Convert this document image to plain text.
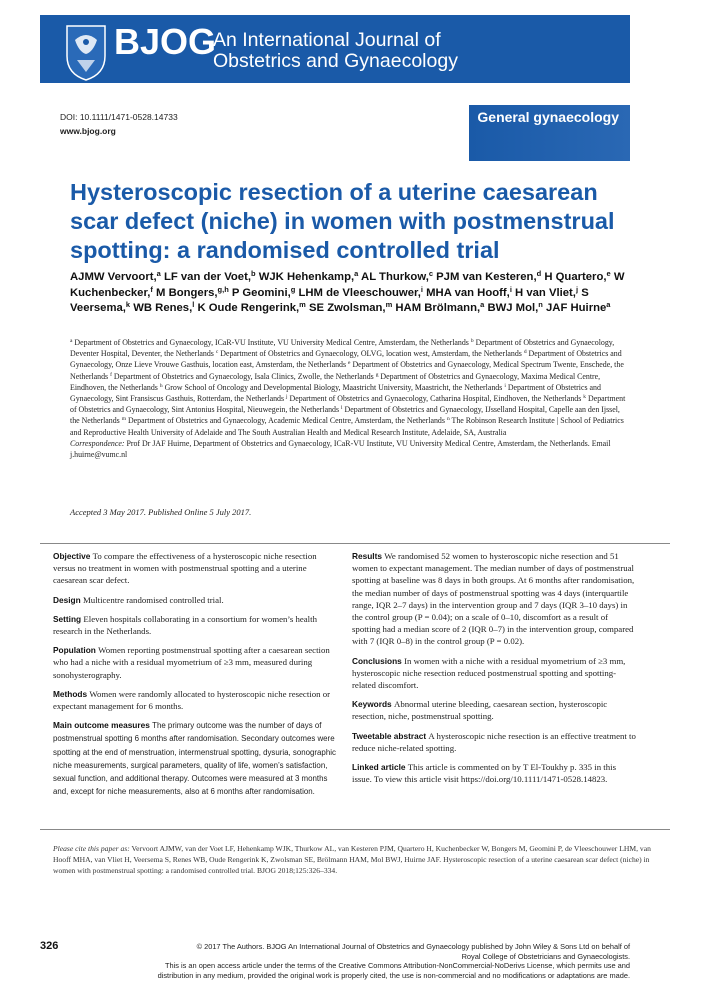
BJOG
An International Journal of
Obstetrics and Gynaecology
DOI: 10.1111/1471-0528.14733
www.bjog.org
General gynaecology
Hysteroscopic resection of a uterine caesarean scar defect (niche) in women with postmenstrual spotting: a randomised controlled trial
AJMW Vervoort,$^a$ LF van der Voet,$^b$ WJK Hehenkamp,$^a$ AL Thurkow,$^c$ PJM van Kesteren,$^d$ H Quartero,$^e$ W Kuchenbecker,$^f$ M Bongers,$^{g,h}$ P Geomini,$^g$ LHM de Vleeschouwer,$^i$ MHA van Hooff,$^i$ H van Vliet,$^j$ S Veersema,$^k$ WB Renes,$^l$ K Oude Rengerink,$^m$ SE Zwolsman,$^m$ HAM Brölmann,$^a$ BWJ Mol,$^n$ JAF Huirne$^a$
$^a$ Department of Obstetrics and Gynaecology, ICaR-VU Institute, VU University Medical Centre, Amsterdam, the Netherlands $^b$ Department of Obstetrics and Gynaecology, Deventer Hospital, Deventer, the Netherlands $^c$ Department of Obstetrics and Gynaecology, OLVG, location west, Amsterdam, the Netherlands $^d$ Department of Obstetrics and Gynaecology, Onze Lieve Vrouwe Gasthuis, location east, Amsterdam, the Netherlands $^e$ Department of Obstetrics and Gynaecology, Medical Spectrum Twente, Enschede, the Netherlands $^f$ Department of Obstetrics and Gynaecology, Isala Clinics, Zwolle, the Netherlands $^g$ Department of Obstetrics and Gynaecology, Maxima Medical Centre, Eindhoven, the Netherlands $^h$ Grow School of Oncology and Developmental Biology, Maastricht University, Maastricht, the Netherlands $^i$ Department of Obstetrics and Gynaecology, Sint Fransiscus Gasthuis, Rotterdam, the Netherlands $^j$ Department of Obstetrics and Gynaecology, Catharina Hospital, Eindhoven, the Netherlands $^k$ Department of Obstetrics and Gynaecology, Sint Antonius Hospital, Nieuwegein, the Netherlands $^l$ Department of Obstetrics and Gynaecology, IJsselland Hospital, Capelle aan den Ijssel, the Netherlands $^m$ Department of Obstetrics and Gynaecology, Academic Medical Centre, Amsterdam, the Netherlands $^n$ The Robinson Research Institute | School of Pediatrics and Reproductive Health University of Adelaide and The South Australian Health and Medical Research Institute, Adelaide, SA, Australia
Correspondence: Prof Dr JAF Huirne, Department of Obstetrics and Gynaecology, ICaR-VU Institute, VU University Medical Centre, Amsterdam, the Netherlands. Email j.huirne@vumc.nl
Accepted 3 May 2017. Published Online 5 July 2017.
Objective To compare the effectiveness of a hysteroscopic niche resection versus no treatment in women with postmenstrual spotting and a uterine caesarean scar defect.
Design Multicentre randomised controlled trial.
Setting Eleven hospitals collaborating in a consortium for women’s health research in the Netherlands.
Population Women reporting postmenstrual spotting after a caesarean section who had a niche with a residual myometrium of ≥3 mm, measured during sonohysterography.
Methods Women were randomly allocated to hysteroscopic niche resection or expectant management for 6 months.
Main outcome measures The primary outcome was the number of days of postmenstrual spotting 6 months after randomisation. Secondary outcomes were spotting at the end of menstruation, intermenstrual spotting, dysuria, sonographic niche measurements, surgical parameters, quality of life, women’s satisfaction, sexual function, and additional therapy. Outcomes were measured at 3 months and, except for niche measurements, also at 6 months after randomisation.
Results We randomised 52 women to hysteroscopic niche resection and 51 women to expectant management. The median number of days of postmenstrual spotting at baseline was 8 days in both groups. At 6 months after randomisation, the median number of days of postmenstrual spotting was 4 days (interquartile range, IQR 2–7 days) in the intervention group and 7 days (IQR 3–10 days) in the control group (P = 0.04); on a scale of 0–10, discomfort as a result of spotting had a median score of 2 (IQR 0–7) in the intervention group, compared with 7 (IQR 0–8) in the control group (P = 0.02).
Conclusions In women with a niche with a residual myometrium of ≥3 mm, hysteroscopic niche resection reduced postmenstrual spotting and spotting-related discomfort.
Keywords Abnormal uterine bleeding, caesarean section, hysteroscopic resection, niche, postmenstrual spotting.
Tweetable abstract A hysteroscopic niche resection is an effective treatment to reduce niche-related spotting.
Linked article This article is commented on by T El-Toukhy p. 335 in this issue. To view this article visit https://doi.org/10.1111/1471-0528.14823.
Please cite this paper as: Vervoort AJMW, van der Voet LF, Hehenkamp WJK, Thurkow AL, van Kesteren PJM, Quartero H, Kuchenbecker W, Bongers M, Geomini P, de Vleeschouwer LHM, van Hooff MHA, van Vliet H, Veersema S, Renes WB, Oude Rengerink K, Zwolsman SE, Brölmann HAM, Mol BWJ, Huirne JAF. Hysteroscopic resection of a uterine caesarean scar defect (niche) in women with postmenstrual spotting: a randomised controlled trial. BJOG 2018;125:326–334.
326	© 2017 The Authors. BJOG An International Journal of Obstetrics and Gynaecology published by John Wiley & Sons Ltd on behalf of
Royal College of Obstetricians and Gynaecologists.
This is an open access article under the terms of the Creative Commons Attribution-NonCommercial-NoDerivs License, which permits use and
distribution in any medium, provided the original work is properly cited, the use is non-commercial and no modifications or adaptations are made.
